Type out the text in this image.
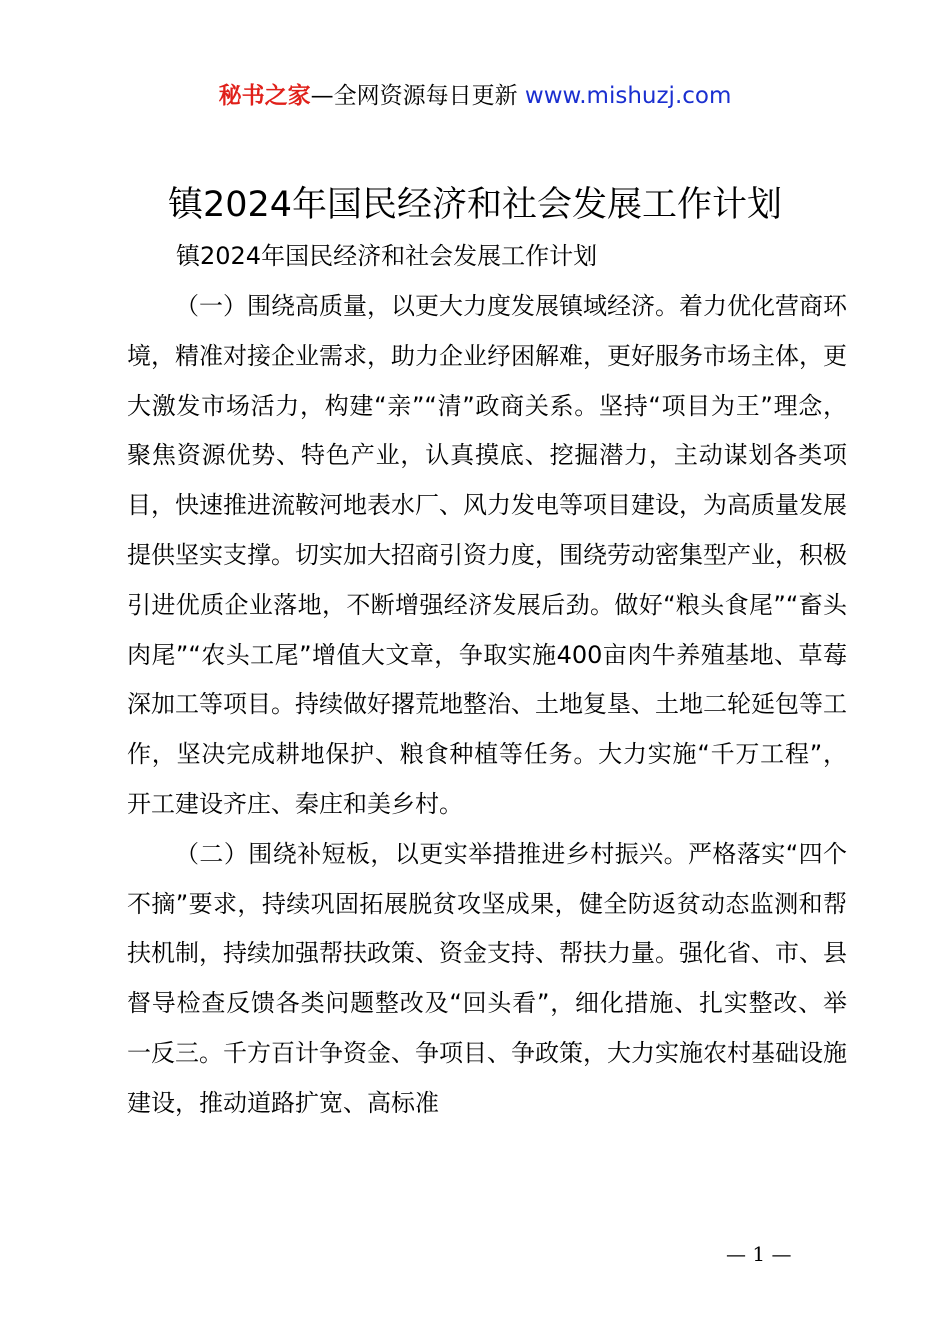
秘书之家—全网资源每日更新 www.mishuzj.com
镇2024年国民经济和社会发展工作计划
镇2024年国民经济和社会发展工作计划

（一）围绕高质量，以更大力度发展镇域经济。着力优化营商环境，精准对接企业需求，助力企业纾困解难，更好服务市场主体，更大激发市场活力，构建“亲”“清”政商关系。坚持“项目为王”理念，聚焦资源优势、特色产业，认真摸底、挖掘潜力，主动谋划各类项目，快速推进流鞍河地表水厂、风力发电等项目建设，为高质量发展提供坚实支撑。切实加大招商引资力度，围绕劳动密集型产业，积极引进优质企业落地，不断增强经济发展后劲。做好“粮头食尾”“畜头肉尾”“农头工尾”增值大文章，争取实施400亩肉牛养殖基地、草莓深加工等项目。持续做好撂荒地整治、土地复垦、土地二轮延包等工作，坚决完成耕地保护、粮食种植等任务。大力实施“千万工程”，开工建设齐庄、秦庄和美乡村。

（二）围绕补短板，以更实举措推进乡村振兴。严格落实“四个不摘”要求，持续巩固拓展脱贫攻坚成果，健全防返贫动态监测和帮扶机制，持续加强帮扶政策、资金支持、帮扶力量。强化省、市、县督导检查反馈各类问题整改及“回头看”，细化措施、扎实整改、举一反三。千方百计争资金、争项目、争政策，大力实施农村基础设施建设，推动道路扩宽、高标准

— 1 —
